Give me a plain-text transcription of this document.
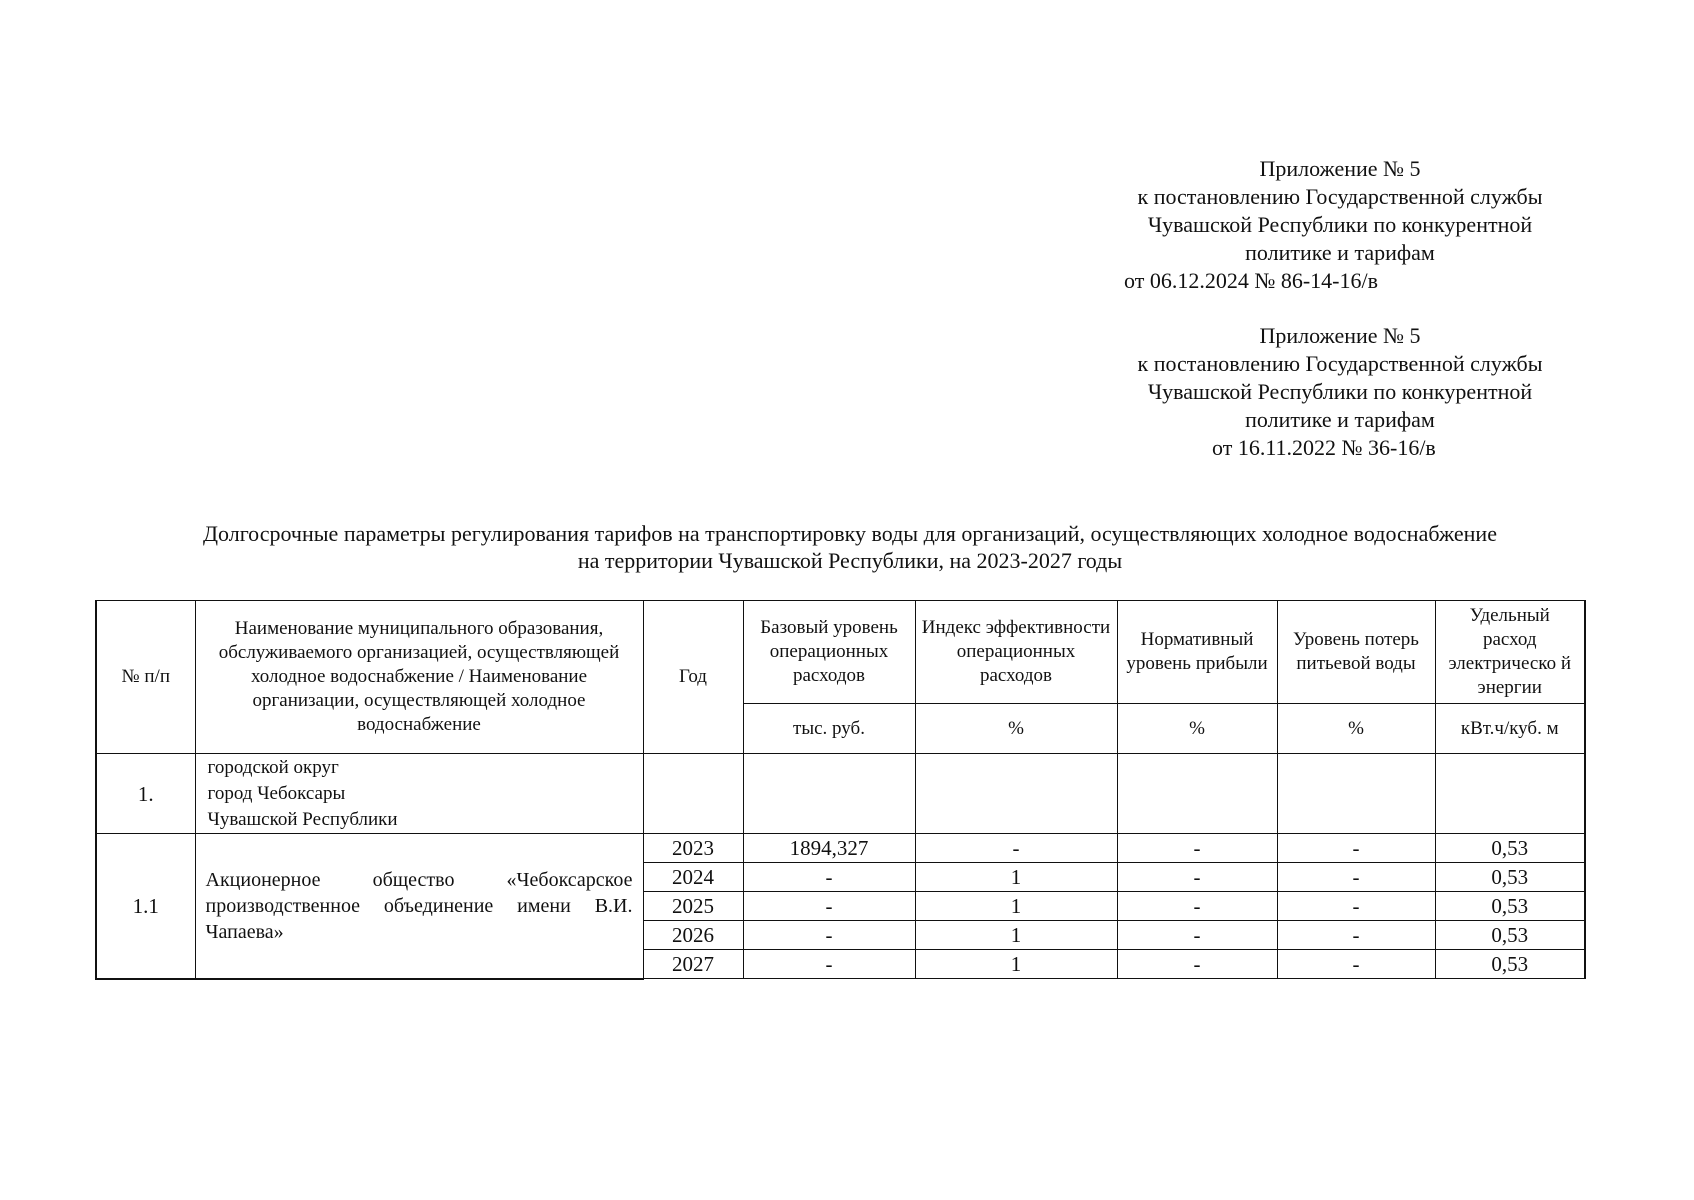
Приложение № 5
к постановлению Государственной службы
Чувашской Республики по конкурентной
политике и тарифам
от 06.12.2024 № 86-14-16/в
Приложение № 5
к постановлению Государственной службы
Чувашской Республики по конкурентной
политике и тарифам
от 16.11.2022 № 36-16/в
Долгосрочные параметры регулирования тарифов на транспортировку воды для организаций, осуществляющих холодное водоснабжение
на территории Чувашской Республики, на 2023-2027 годы
№ п/п	Наименование муниципального образования, обслуживаемого организацией, осуществляющей холодное водоснабжение / Наименование организации, осуществляющей холодное водоснабжение	Год	Базовый уровень операционных расходов	Индекс эффективности операционных расходов	Нормативный уровень прибыли	Уровень потерь питьевой воды	Удельный расход электрическо й энергии
			тыс. руб.	%	%	%	кВт.ч/куб. м
1.	городской округ
город Чебоксары
Чувашской Республики						

1.1	Акционерное общество «Чебоксарское производственное объединение имени В.И. Чапаева»	2023	1894,327	-	-	-	0,53
		2024	-	1	-	-	0,53
		2025	-	1	-	-	0,53
		2026	-	1	-	-	0,53
		2027	-	1	-	-	0,53
